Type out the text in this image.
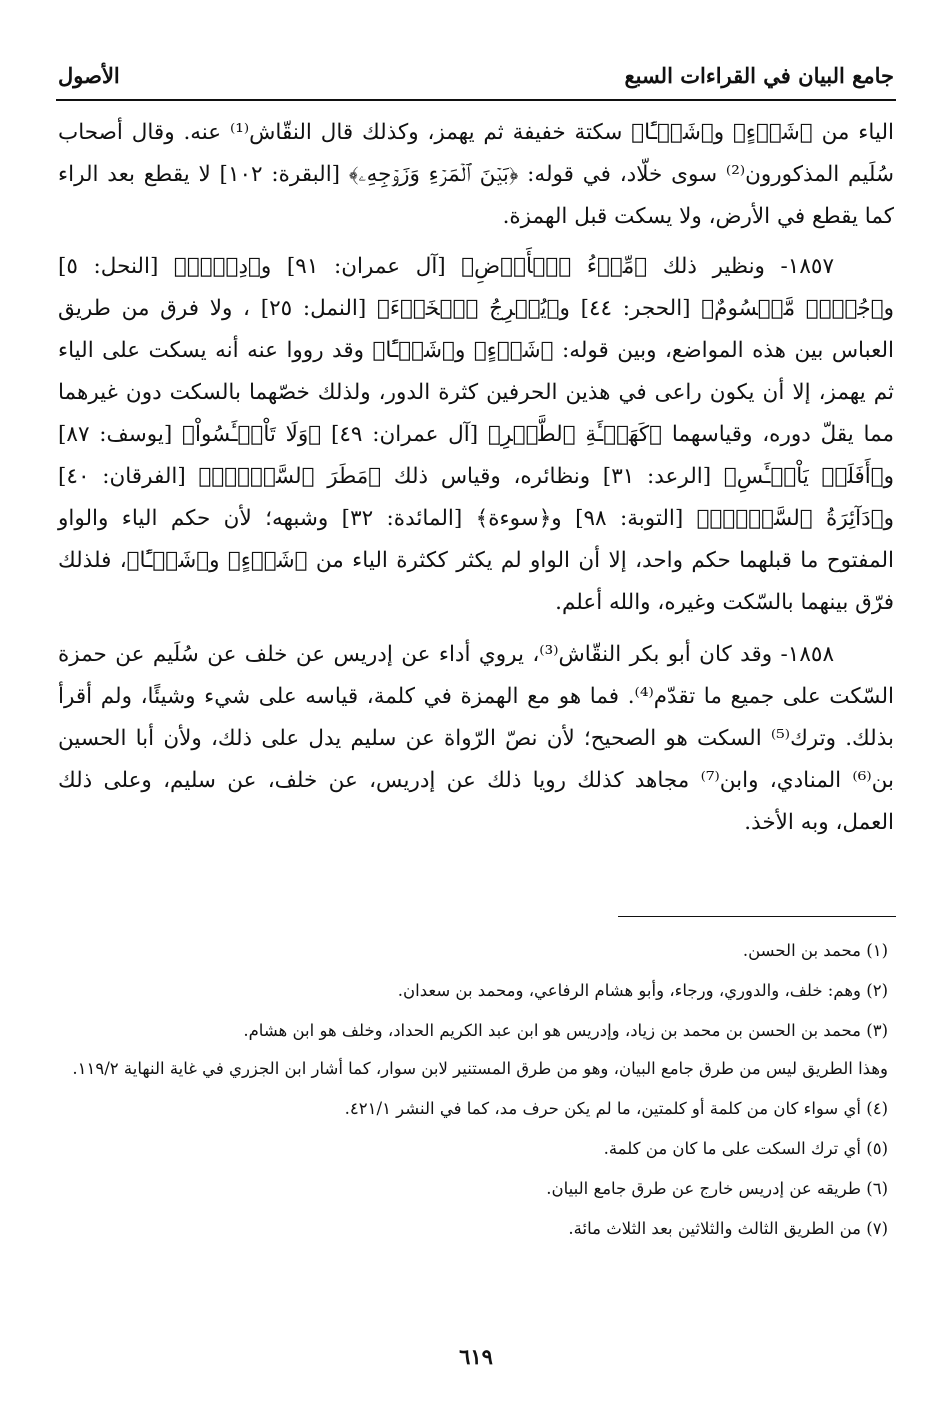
جامع البيان في القراءات السبع
الأصول

الياء من ﴿شَيۡءٍ﴾ و﴿شَيۡـًٔا﴾ سكتة خفيفة ثم يهمز، وكذلك قال النقّاش⁽¹⁾ عنه. وقال أصحاب سُلَيم المذكورون⁽²⁾ سوى خلّاد، في قوله: ﴿بَيۡنَ ٱلۡمَرۡءِ وَزَوۡجِهِۦ﴾ [البقرة: ١٠٢] لا يقطع بعد الراء كما يقطع في الأرض، ولا يسكت قبل الهمزة.

١٨٥٧- ونظير ذلك ﴿مِّلۡءُ ٱلۡأَرۡضِ﴾ [آل عمران: ٩١] و﴿دِفۡءٞ﴾ [النحل: ٥] و﴿جُزۡءٞ مَّقۡسُومٌ﴾ [الحجر: ٤٤] و﴿يُخۡرِجُ ٱلۡخَبۡءَ﴾ [النمل: ٢٥] ، ولا فرق من طريق العباس بين هذه المواضع، وبين قوله: ﴿شَيۡءٍ﴾ و﴿شَيۡـًٔا﴾ وقد رووا عنه أنه يسكت على الياء ثم يهمز، إلا أن يكون راعى في هذين الحرفين كثرة الدور، ولذلك خصّهما بالسكت دون غيرهما مما يقلّ دوره، وقياسهما ﴿كَهَيۡـَٔةِ ٱلطَّيۡرِ﴾ [آل عمران: ٤٩] ﴿وَلَا تَاْيۡـَٔسُواْ﴾ [يوسف: ٨٧] و﴿أَفَلَمۡ يَاْيۡـَٔسِ﴾ [الرعد: ٣١] ونظائره، وقياس ذلك ﴿مَطَرَ ٱلسَّوۡءِۚ﴾ [الفرقان: ٤٠] و﴿دَآئِرَةُ ٱلسَّوۡءِۗ﴾ [التوبة: ٩٨] و﴿سوءة﴾ [المائدة: ٣٢] وشبهه؛ لأن حكم الياء والواو المفتوح ما قبلهما حكم واحد، إلا أن الواو لم يكثر ككثرة الياء من ﴿شَيۡءٍ﴾ و﴿شَيۡـًٔا﴾، فلذلك فرّق بينهما بالسّكت وغيره، والله أعلم.

١٨٥٨- وقد كان أبو بكر النقّاش⁽³⁾، يروي أداء عن إدريس عن خلف عن سُلَيم عن حمزة السّكت على جميع ما تقدّم⁽⁴⁾. فما هو مع الهمزة في كلمة، قياسه على شيء وشيئًا، ولم أقرأ بذلك. وترك⁽⁵⁾ السكت هو الصحيح؛ لأن نصّ الرّواة عن سليم يدل على ذلك، ولأن أبا الحسين بن⁽⁶⁾ المنادي، وابن⁽⁷⁾ مجاهد كذلك رويا ذلك عن إدريس، عن خلف، عن سليم، وعلى ذلك العمل، وبه الأخذ.

(١) محمد بن الحسن.

(٢) وهم: خلف، والدوري، ورجاء، وأبو هشام الرفاعي، ومحمد بن سعدان.

(٣) محمد بن الحسن بن محمد بن زياد، وإدريس هو ابن عبد الكريم الحداد، وخلف هو ابن هشام.

وهذا الطريق ليس من طرق جامع البيان، وهو من طرق المستنير لابن سوار، كما أشار ابن الجزري في غاية النهاية ١١٩/٢.

(٤) أي سواء كان من كلمة أو كلمتين، ما لم يكن حرف مد، كما في النشر ٤٢١/١.

(٥) أي ترك السكت على ما كان من كلمة.

(٦) طريقه عن إدريس خارج عن طرق جامع البيان.

(٧) من الطريق الثالث والثلاثين بعد الثلاث مائة.

٦١٩
